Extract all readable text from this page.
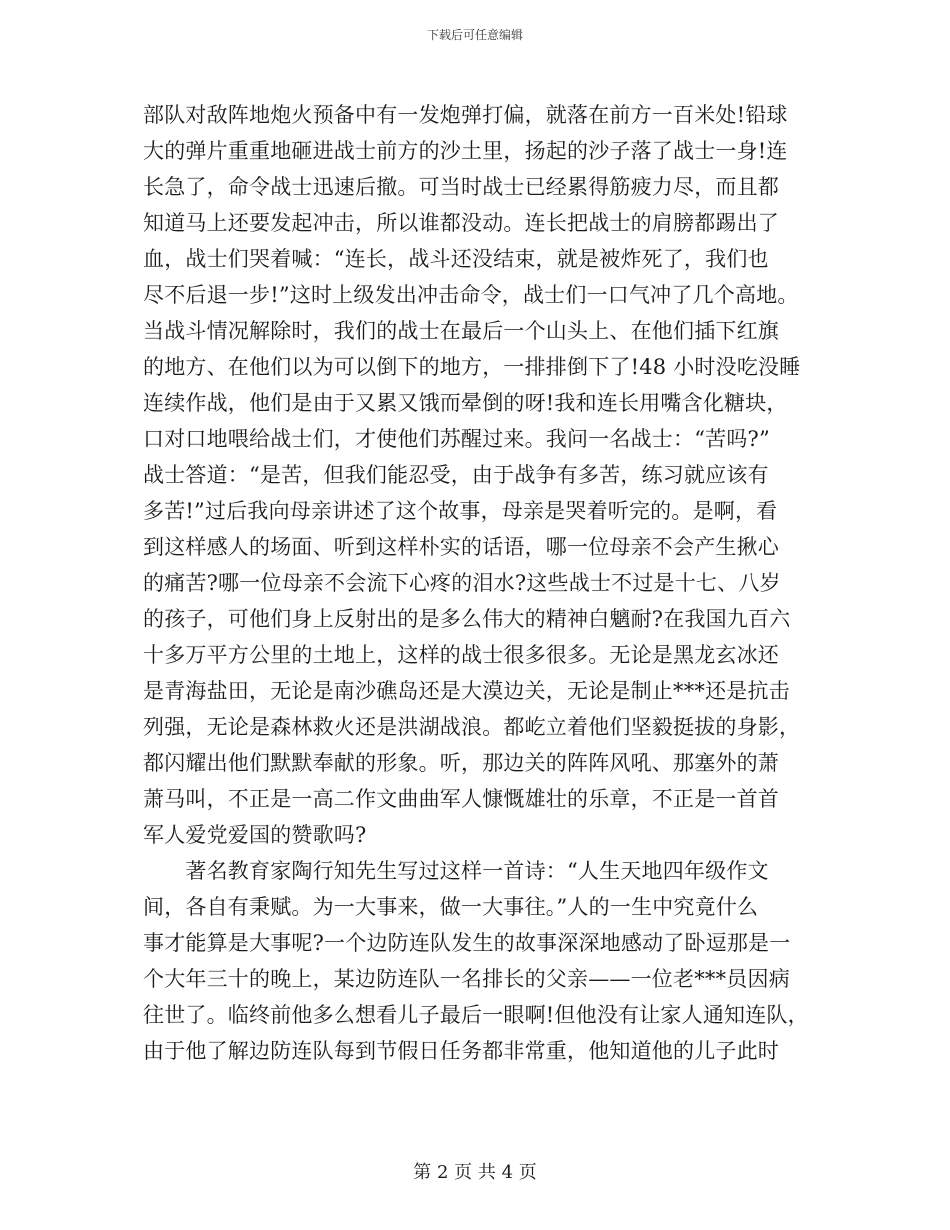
下载后可任意编辑
部队对敌阵地炮火预备中有一发炮弹打偏，就落在前方一百米处!铅球
大的弹片重重地砸进战士前方的沙土里，扬起的沙子落了战士一身!连
长急了，命令战士迅速后撤。可当时战士已经累得筋疲力尽，而且都
知道马上还要发起冲击，所以谁都没动。连长把战士的肩膀都踢出了
血，战士们哭着喊：“连长，战斗还没结束，就是被炸死了，我们也
尽不后退一步!”这时上级发出冲击命令，战士们一口气冲了几个高地。
当战斗情况解除时，我们的战士在最后一个山头上、在他们插下红旗
的地方、在他们以为可以倒下的地方，一排排倒下了!48 小时没吃没睡
连续作战，他们是由于又累又饿而晕倒的呀!我和连长用嘴含化糖块，
口对口地喂给战士们，才使他们苏醒过来。我问一名战士：“苦吗?”
战士答道：“是苦，但我们能忍受，由于战争有多苦，练习就应该有
多苦!”过后我向母亲讲述了这个故事，母亲是哭着听完的。是啊，看
到这样感人的场面、听到这样朴实的话语，哪一位母亲不会产生揪心
的痛苦?哪一位母亲不会流下心疼的泪水?这些战士不过是十七、八岁
的孩子，可他们身上反射出的是多么伟大的精神白魑耐?在我国九百六
十多万平方公里的土地上，这样的战士很多很多。无论是黑龙玄冰还
是青海盐田，无论是南沙礁岛还是大漠边关，无论是制止***还是抗击
列强，无论是森林救火还是洪湖战浪。都屹立着他们坚毅挺拔的身影，
都闪耀出他们默默奉献的形象。听，那边关的阵阵风吼、那塞外的萧
萧马叫，不正是一高二作文曲曲军人慷慨雄壮的乐章，不正是一首首
军人爱党爱国的赞歌吗?
　　著名教育家陶行知先生写过这样一首诗：“人生天地四年级作文
间，各自有秉赋。为一大事来，做一大事往。”人的一生中究竟什么
事才能算是大事呢?一个边防连队发生的故事深深地感动了卧逗那是一
个大年三十的晚上，某边防连队一名排长的父亲——一位老***员因病
往世了。临终前他多么想看儿子最后一眼啊!但他没有让家人通知连队，
由于他了解边防连队每到节假日任务都非常重，他知道他的儿子此时
第 2 页 共 4 页
